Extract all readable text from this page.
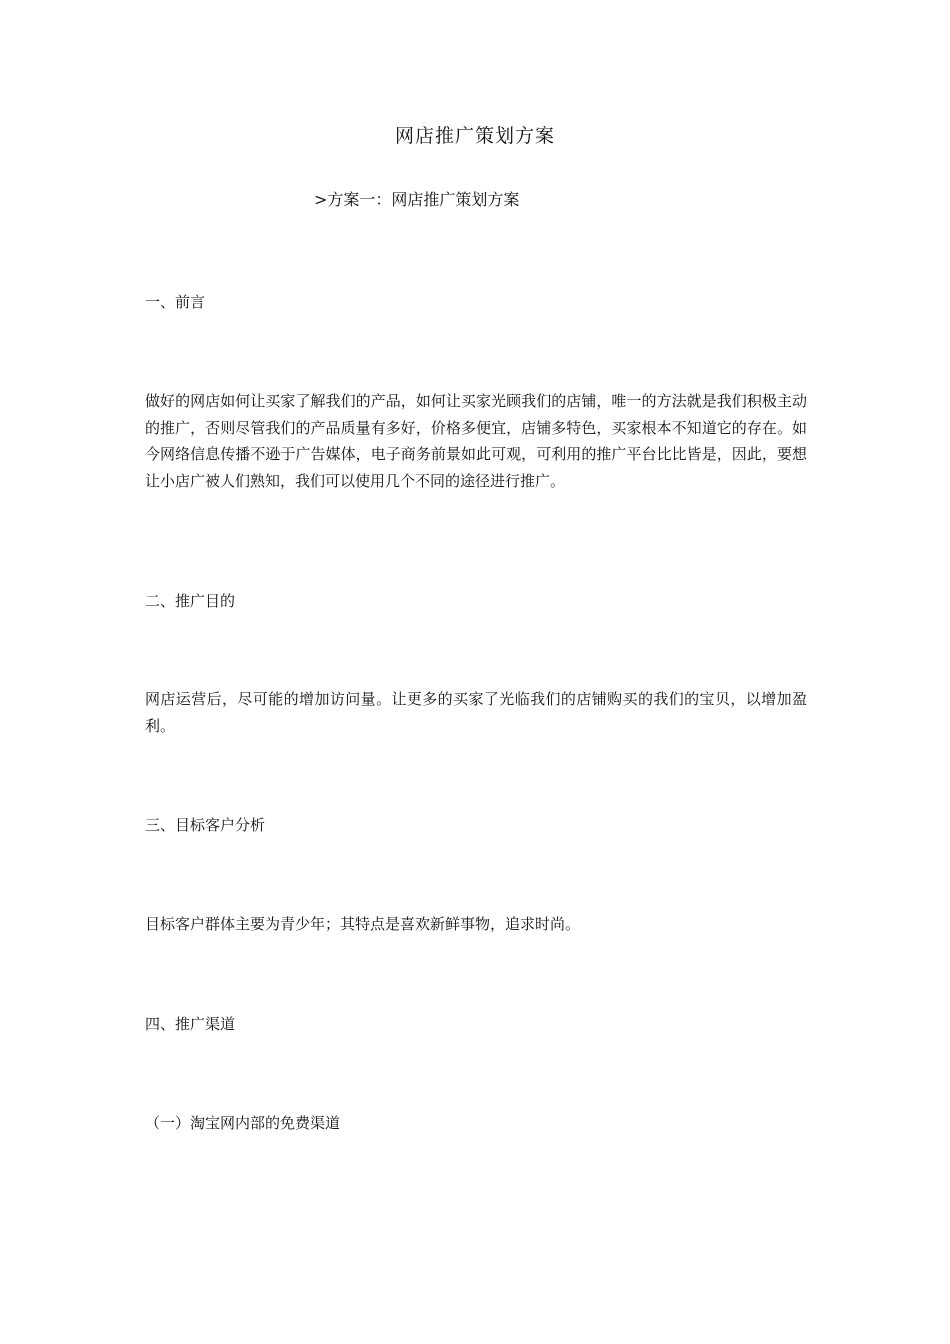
网店推广策划方案
>方案一：网店推广策划方案
一、前言
做好的网店如何让买家了解我们的产品，如何让买家光顾我们的店铺，唯一的方法就是我们积极主动的推广，否则尽管我们的产品质量有多好，价格多便宜，店铺多特色，买家根本不知道它的存在。如今网络信息传播不逊于广告媒体，电子商务前景如此可观，可利用的推广平台比比皆是，因此，要想让小店广被人们熟知，我们可以使用几个不同的途径进行推广。
二、推广目的
网店运营后，尽可能的增加访问量。让更多的买家了光临我们的店铺购买的我们的宝贝，以增加盈利。
三、目标客户分析
目标客户群体主要为青少年；其特点是喜欢新鲜事物，追求时尚。
四、推广渠道
（一）淘宝网内部的免费渠道
